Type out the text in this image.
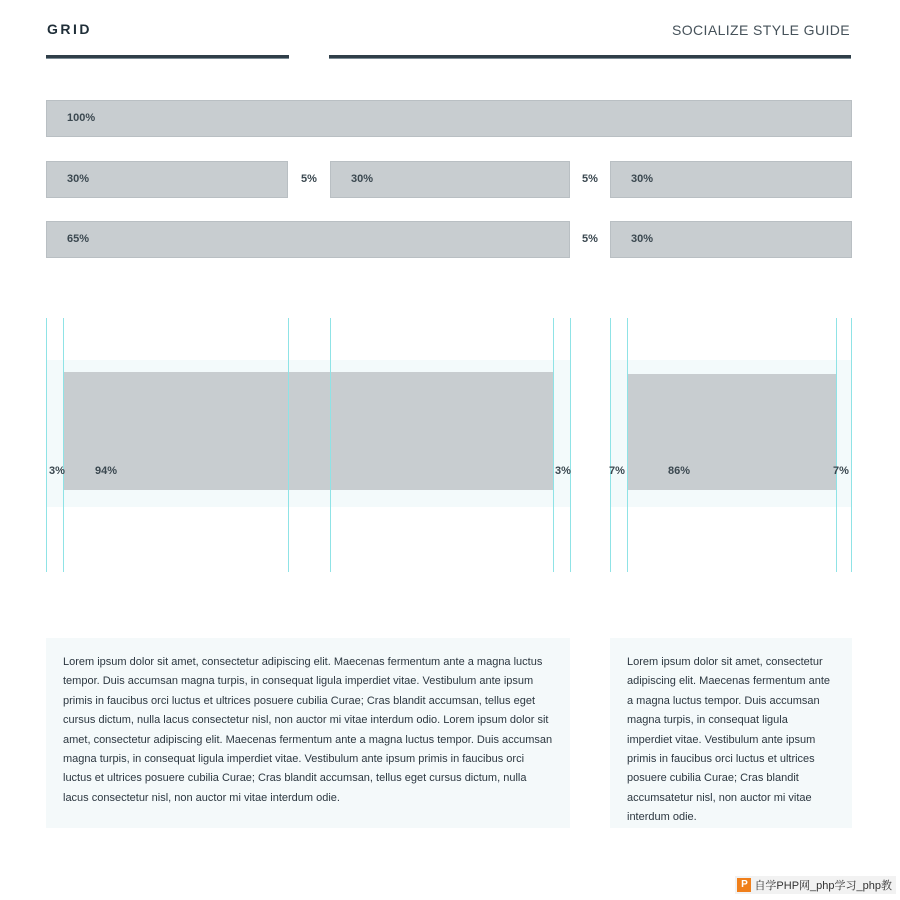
GRID	SOCIALIZE STYLE GUIDE
100%
30%	5%	30%	5%	30%
65%	5%	30%
3%	94%	3%	7%	86%	7%

Lorem ipsum dolor sit amet, consectetur adipiscing elit. Maecenas fermentum ante a magna luctus tempor. Duis accumsan magna turpis, in consequat ligula imperdiet vitae. Vestibulum ante ipsum primis in faucibus orci luctus et ultrices posuere cubilia Curae; Cras blandit accumsan, tellus eget cursus dictum, nulla lacus consectetur nisl, non auctor mi vitae interdum odio. Lorem ipsum dolor sit amet, consectetur adipiscing elit. Maecenas fermentum ante a magna luctus tempor. Duis accumsan magna turpis, in consequat ligula imperdiet vitae. Vestibulum ante ipsum primis in faucibus orci luctus et ultrices posuere cubilia Curae; Cras blandit accumsan, tellus eget cursus dictum, nulla lacus consectetur nisl, non auctor mi vitae interdum odie.

Lorem ipsum dolor sit amet, consectetur adipiscing elit. Maecenas fermentum ante a magna luctus tempor. Duis accumsan magna turpis, in consequat ligula imperdiet vitae. Vestibulum ante ipsum primis in faucibus orci luctus et ultrices posuere cubilia Curae; Cras blandit accumsatetur nisl, non auctor mi vitae interdum odie.

P 自学PHP网_php学习_php教
